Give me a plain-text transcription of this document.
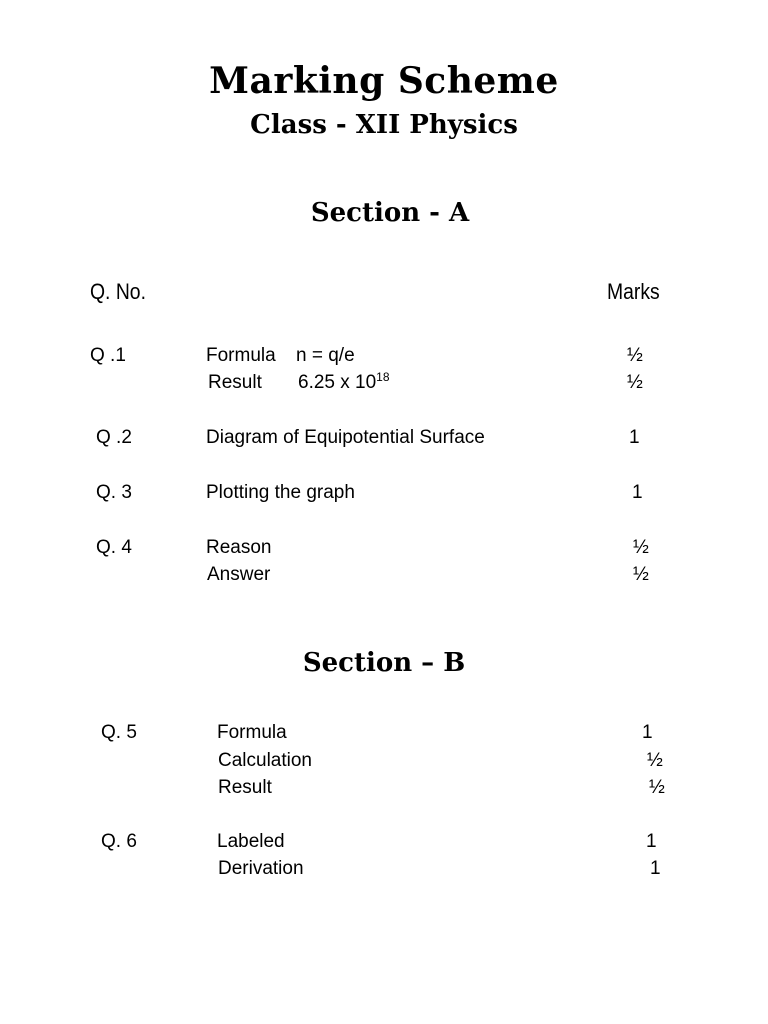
Marking Scheme
Class - XII Physics
Section - A
Q. No.	Marks
Q .1	Formula n = q/e	½
Result 6.25 x $10^{18}$	½
Q .2	Diagram of Equipotential Surface	1
Q. 3	Plotting the graph	1
Q. 4	Reason	½
Answer	½
Section – B
Q. 5	Formula	1
Calculation	½
Result	½
Q. 6	Labeled	1
Derivation	1
